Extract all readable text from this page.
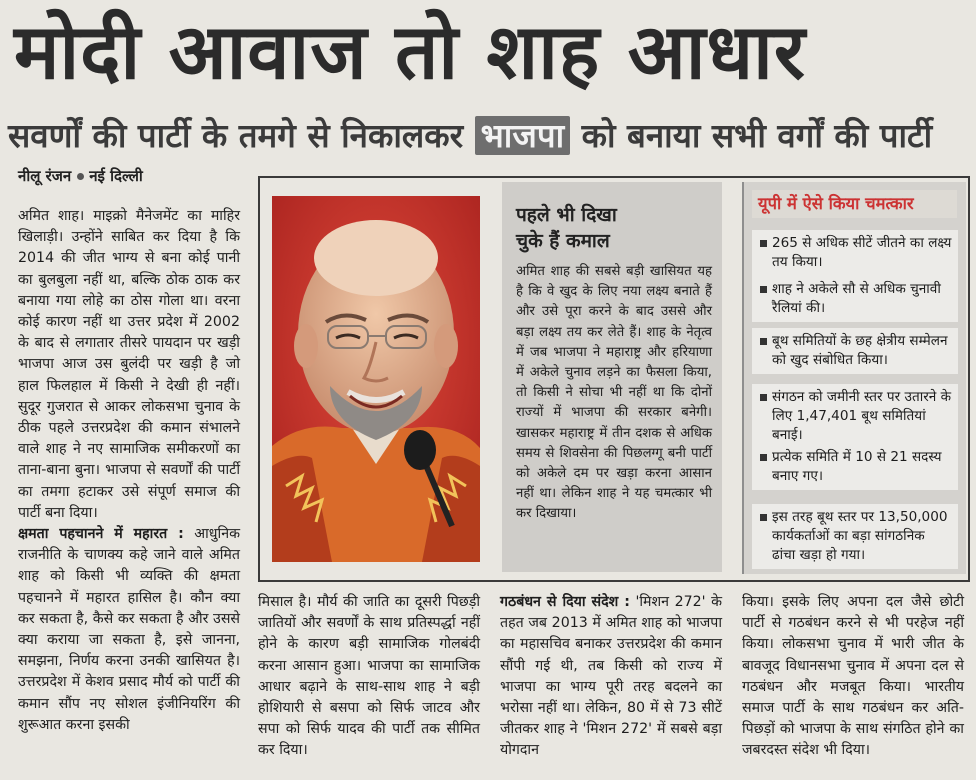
मोदी आवाज तो शाह आधार
सवर्णों की पार्टी के तमगे से निकालकर भाजपा को बनाया सभी वर्गों की पार्टी
नीलू रंजन नई दिल्ली

अमित शाह। माइक्रो मैनेजमेंट का माहिर खिलाड़ी। उन्होंने साबित कर दिया है कि 2014 की जीत भाग्य से बना कोई पानी का बुलबुला नहीं था, बल्कि ठोक ठाक कर बनाया गया लोहे का ठोस गोला था। वरना कोई कारण नहीं था उत्तर प्रदेश में 2002 के बाद से लगातार तीसरे पायदान पर खड़ी भाजपा आज उस बुलंदी पर खड़ी है जो हाल फिलहाल में किसी ने देखी ही नहीं। सुदूर गुजरात से आकर लोकसभा चुनाव के ठीक पहले उत्तरप्रदेश की कमान संभालने वाले शाह ने नए सामाजिक समीकरणों का ताना-बाना बुना। भाजपा से सवर्णों की पार्टी का तमगा हटाकर उसे संपूर्ण समाज की पार्टी बना दिया।

क्षमता पहचानने में महारत : आधुनिक राजनीति के चाणक्य कहे जाने वाले अमित शाह को किसी भी व्यक्ति की क्षमता पहचानने में महारत हासिल है। कौन क्या कर सकता है, कैसे कर सकता है और उससे क्या कराया जा सकता है, इसे जानना, समझना, निर्णय करना उनकी खासियत है। उत्तरप्रदेश में केशव प्रसाद मौर्य को पार्टी की कमान सौंप नए सोशल इंजीनियरिंग की शुरूआत करना इसकी

पहले भी दिखा
चुके हैं कमाल
अमित शाह की सबसे बड़ी खासियत यह है कि वे खुद के लिए नया लक्ष्य बनाते हैं और उसे पूरा करने के बाद उससे और बड़ा लक्ष्य तय कर लेते हैं। शाह के नेतृत्व में जब भाजपा ने महाराष्ट्र और हरियाणा में अकेले चुनाव लड़ने का फैसला किया, तो किसी ने सोचा भी नहीं था कि दोनों राज्यों में भाजपा की सरकार बनेगी। खासकर महाराष्ट्र में तीन दशक से अधिक समय से शिवसेना की पिछलग्गू बनी पार्टी को अकेले दम पर खड़ा करना आसान नहीं था। लेकिन शाह ने यह चमत्कार भी कर दिखाया।
यूपी में ऐसे किया चमत्कार
265 से अधिक सीटें जीतने का लक्ष्य तय किया।
शाह ने अकेले सौ से अधिक चुनावी रैलियां की।
बूथ समितियों के छह क्षेत्रीय सम्मेलन को खुद संबोधित किया।
संगठन को जमीनी स्तर पर उतारने के लिए 1,47,401 बूथ समितियां बनाई।
प्रत्येक समिति में 10 से 21 सदस्य बनाए गए।
इस तरह बूथ स्तर पर 13,50,000 कार्यकर्ताओं का बड़ा सांगठनिक ढांचा खड़ा हो गया।

मिसाल है। मौर्य की जाति का दूसरी पिछड़ी जातियों और सवर्णों के साथ प्रतिस्पर्द्धा नहीं होने के कारण बड़ी सामाजिक गोलबंदी करना आसान हुआ। भाजपा का सामाजिक आधार बढ़ाने के साथ-साथ शाह ने बड़ी होशियारी से बसपा को सिर्फ जाटव और सपा को सिर्फ यादव की पार्टी तक सीमित कर दिया।

गठबंधन से दिया संदेश : 'मिशन 272' के तहत जब 2013 में अमित शाह को भाजपा का महासचिव बनाकर उत्तरप्रदेश की कमान सौंपी गई थी, तब किसी को राज्य में भाजपा का भाग्य पूरी तरह बदलने का भरोसा नहीं था। लेकिन, 80 में से 73 सीटें जीतकर शाह ने 'मिशन 272' में सबसे बड़ा योगदान

किया। इसके लिए अपना दल जैसे छोटी पार्टी से गठबंधन करने से भी परहेज नहीं किया। लोकसभा चुनाव में भारी जीत के बावजूद विधानसभा चुनाव में अपना दल से गठबंधन और मजबूत किया। भारतीय समाज पार्टी के साथ गठबंधन कर अति-पिछड़ों को भाजपा के साथ संगठित होने का जबरदस्त संदेश भी दिया।
